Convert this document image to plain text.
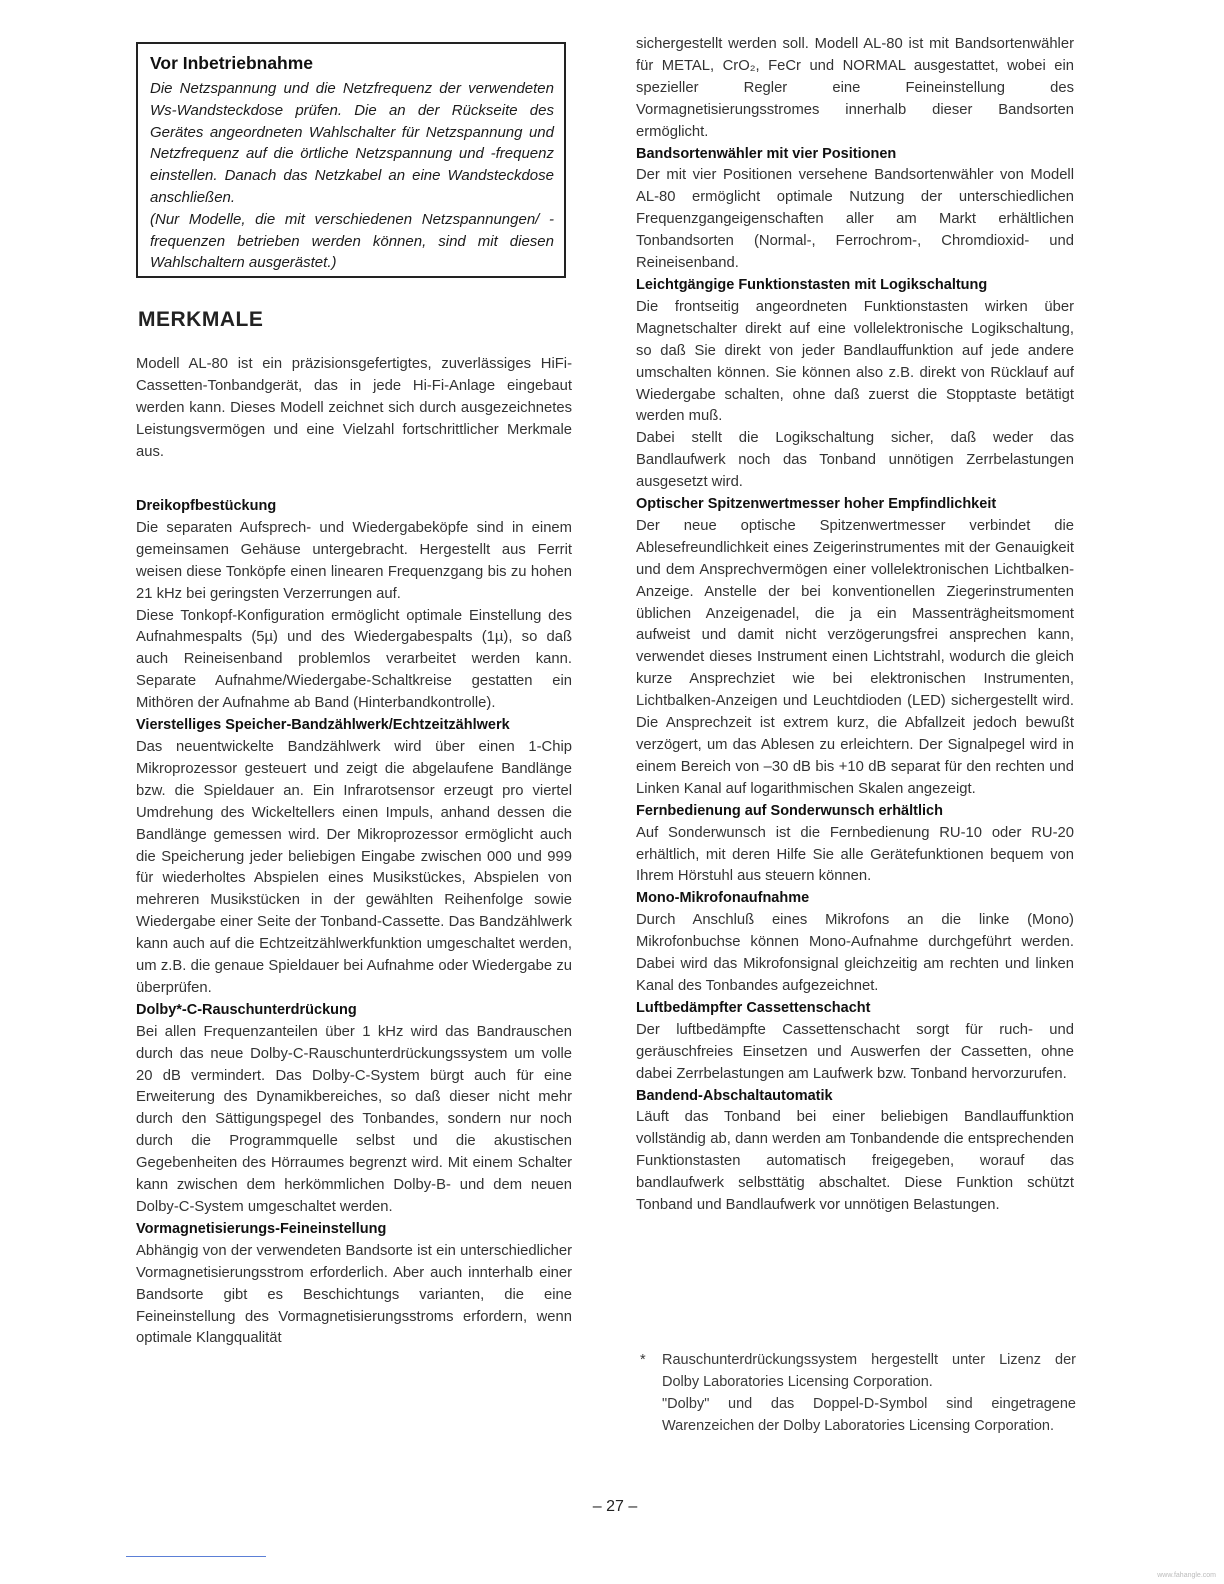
Vor Inbetriebnahme

Die Netzspannung und die Netzfrequenz der verwendeten Ws-Wandsteckdose prüfen. Die an der Rückseite des Gerätes angeordneten Wahlschalter für Netzspannung und Netzfrequenz auf die örtliche Netzspannung und -frequenz einstellen. Danach das Netzkabel an eine Wandsteckdose anschließen.

(Nur Modelle, die mit verschiedenen Netzspannungen/ -frequenzen betrieben werden können, sind mit diesen Wahlschaltern ausgerästet.)

MERKMALE

Modell AL-80 ist ein präzisionsgefertigtes, zuverlässiges HiFi-Cassetten-Tonbandgerät, das in jede Hi-Fi-Anlage eingebaut werden kann. Dieses Modell zeichnet sich durch ausgezeichnetes Leistungsvermögen und eine Vielzahl fortschrittlicher Merkmale aus.

Dreikopfbestückung

Die separaten Aufsprech- und Wiedergabeköpfe sind in einem gemeinsamen Gehäuse untergebracht. Hergestellt aus Ferrit weisen diese Tonköpfe einen linearen Frequenzgang bis zu hohen 21 kHz bei geringsten Verzerrungen auf.

Diese Tonkopf-Konfiguration ermöglicht optimale Einstellung des Aufnahmespalts (5µ) und des Wiedergabespalts (1µ), so daß auch Reineisenband problemlos verarbeitet werden kann. Separate Aufnahme/Wiedergabe-Schaltkreise gestatten ein Mithören der Aufnahme ab Band (Hinterbandkontrolle).

Vierstelliges Speicher-Bandzählwerk/Echtzeitzählwerk

Das neuentwickelte Bandzählwerk wird über einen 1-Chip Mikroprozessor gesteuert und zeigt die abgelaufene Bandlänge bzw. die Spieldauer an. Ein Infrarotsensor erzeugt pro viertel Umdrehung des Wickeltellers einen Impuls, anhand dessen die Bandlänge gemessen wird. Der Mikroprozessor ermöglicht auch die Speicherung jeder beliebigen Eingabe zwischen 000 und 999 für wiederholtes Abspielen eines Musikstückes, Abspielen von mehreren Musikstücken in der gewählten Reihenfolge sowie Wiedergabe einer Seite der Tonband-Cassette. Das Bandzählwerk kann auch auf die Echtzeitzählwerkfunktion umgeschaltet werden, um z.B. die genaue Spieldauer bei Aufnahme oder Wiedergabe zu überprüfen.

Dolby*-C-Rauschunterdrückung

Bei allen Frequenzanteilen über 1 kHz wird das Bandrauschen durch das neue Dolby-C-Rauschunterdrückungssystem um volle 20 dB vermindert. Das Dolby-C-System bürgt auch für eine Erweiterung des Dynamikbereiches, so daß dieser nicht mehr durch den Sättigungspegel des Tonbandes, sondern nur noch durch die Programmquelle selbst und die akustischen Gegebenheiten des Hörraumes begrenzt wird. Mit einem Schalter kann zwischen dem herkömmlichen Dolby-B- und dem neuen Dolby-C-System umgeschaltet werden.

Vormagnetisierungs-Feineinstellung

Abhängig von der verwendeten Bandsorte ist ein unterschiedlicher Vormagnetisierungsstrom erforderlich. Aber auch innterhalb einer Bandsorte gibt es Beschichtungs varianten, die eine Feineinstellung des Vormagnetisierungsstroms erfordern, wenn optimale Klangqualität

sichergestellt werden soll. Modell AL-80 ist mit Bandsortenwähler für METAL, CrO₂, FeCr und NORMAL ausgestattet, wobei ein spezieller Regler eine Feineinstellung des Vormagnetisierungsstromes innerhalb dieser Bandsorten ermöglicht.

Bandsortenwähler mit vier Positionen

Der mit vier Positionen versehene Bandsortenwähler von Modell AL-80 ermöglicht optimale Nutzung der unterschiedlichen Frequenzgangeigenschaften aller am Markt erhältlichen Tonbandsorten (Normal-, Ferrochrom-, Chromdioxid- und Reineisenband.

Leichtgängige Funktionstasten mit Logikschaltung

Die frontseitig angeordneten Funktionstasten wirken über Magnetschalter direkt auf eine vollelektronische Logikschaltung, so daß Sie direkt von jeder Bandlauffunktion auf jede andere umschalten können. Sie können also z.B. direkt von Rücklauf auf Wiedergabe schalten, ohne daß zuerst die Stopptaste betätigt werden muß.

Dabei stellt die Logikschaltung sicher, daß weder das Bandlaufwerk noch das Tonband unnötigen Zerrbelastungen ausgesetzt wird.

Optischer Spitzenwertmesser hoher Empfindlichkeit

Der neue optische Spitzenwertmesser verbindet die Ablesefreundlichkeit eines Zeigerinstrumentes mit der Genauigkeit und dem Ansprechvermögen einer vollelektronischen Lichtbalken-Anzeige. Anstelle der bei konventionellen Ziegerinstrumenten üblichen Anzeigenadel, die ja ein Massenträgheitsmoment aufweist und damit nicht verzögerungsfrei ansprechen kann, verwendet dieses Instrument einen Lichtstrahl, wodurch die gleich kurze Ansprechziet wie bei elektronischen Instrumenten, Lichtbalken-Anzeigen und Leuchtdioden (LED) sichergestellt wird. Die Ansprechzeit ist extrem kurz, die Abfallzeit jedoch bewußt verzögert, um das Ablesen zu erleichtern. Der Signalpegel wird in einem Bereich von –30 dB bis +10 dB separat für den rechten und Linken Kanal auf logarithmischen Skalen angezeigt.

Fernbedienung auf Sonderwunsch erhältlich

Auf Sonderwunsch ist die Fernbedienung RU-10 oder RU-20 erhältlich, mit deren Hilfe Sie alle Gerätefunktionen bequem von Ihrem Hörstuhl aus steuern können.

Mono-Mikrofonaufnahme

Durch Anschluß eines Mikrofons an die linke (Mono) Mikrofonbuchse können Mono-Aufnahme durchgeführt werden. Dabei wird das Mikrofonsignal gleichzeitig am rechten und linken Kanal des Tonbandes aufgezeichnet.

Luftbedämpfter Cassettenschacht

Der luftbedämpfte Cassettenschacht sorgt für ruch- und geräuschfreies Einsetzen und Auswerfen der Cassetten, ohne dabei Zerrbelastungen am Laufwerk bzw. Tonband hervorzurufen.

Bandend-Abschaltautomatik

Läuft das Tonband bei einer beliebigen Bandlauffunktion vollständig ab, dann werden am Tonbandende die entsprechenden Funktionstasten automatisch freigegeben, worauf das bandlaufwerk selbsttätig abschaltet. Diese Funktion schützt Tonband und Bandlaufwerk vor unnötigen Belastungen.

*	Rauschunterdrückungssystem hergestellt unter Lizenz der Dolby Laboratories Licensing Corporation.

"Dolby" und das Doppel-D-Symbol sind eingetragene Warenzeichen der Dolby Laboratories Licensing Corporation.

– 27 –
www.fahangle.com
